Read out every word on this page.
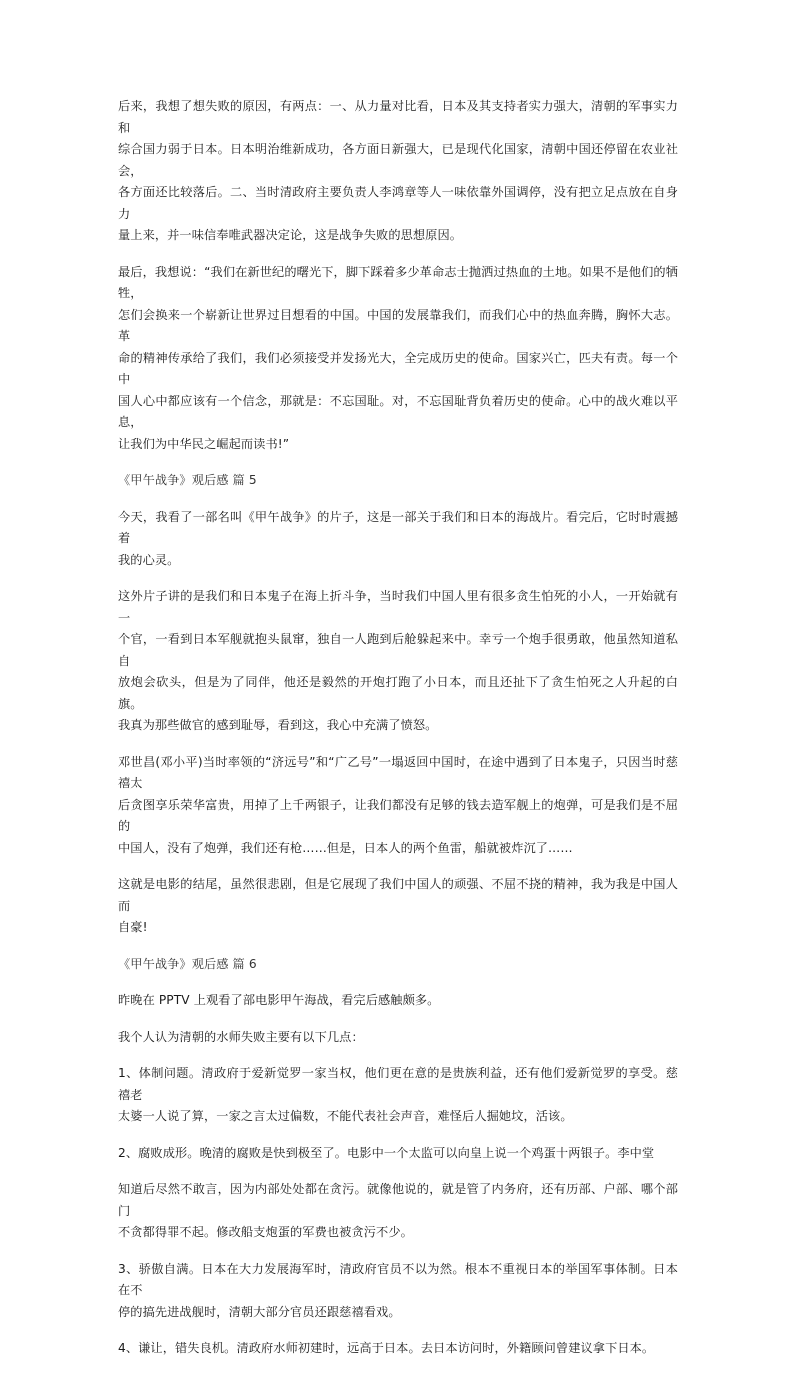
后来，我想了想失败的原因，有两点：一、从力量对比看，日本及其支持者实力强大，清朝的军事实力和
综合国力弱于日本。日本明治维新成功，各方面日新强大，已是现代化国家，清朝中国还停留在农业社会，
各方面还比较落后。二、当时清政府主要负责人李鸿章等人一味依靠外国调停，没有把立足点放在自身力
量上来，并一味信奉唯武器决定论，这是战争失败的思想原因。

最后，我想说：“我们在新世纪的曙光下，脚下踩着多少革命志士抛洒过热血的土地。如果不是他们的牺牲，
怎们会换来一个崭新让世界过目想看的中国。中国的发展靠我们，而我们心中的热血奔腾，胸怀大志。革
命的精神传承给了我们，我们必须接受并发扬光大，全完成历史的使命。国家兴亡，匹夫有责。每一个中
国人心中都应该有一个信念，那就是：不忘国耻。对，不忘国耻背负着历史的使命。心中的战火难以平息，
让我们为中华民之崛起而读书!”

《甲午战争》观后感 篇 5

今天，我看了一部名叫《甲午战争》的片子，这是一部关于我们和日本的海战片。看完后，它时时震撼着
我的心灵。

这外片子讲的是我们和日本鬼子在海上折斗争，当时我们中国人里有很多贪生怕死的小人，一开始就有一
个官，一看到日本军舰就抱头鼠窜，独自一人跑到后舱躲起来中。幸亏一个炮手很勇敢，他虽然知道私自
放炮会砍头，但是为了同伴，他还是毅然的开炮打跑了小日本，而且还扯下了贪生怕死之人升起的白旗。
我真为那些做官的感到耻辱，看到这，我心中充满了愤怒。

邓世昌(邓小平)当时率领的“济远号”和“广乙号”一塌返回中国时，在途中遇到了日本鬼子，只因当时慈禧太
后贪图享乐荣华富贵，用掉了上千两银子，让我们都没有足够的钱去造军舰上的炮弹，可是我们是不屈的
中国人，没有了炮弹，我们还有枪……但是，日本人的两个鱼雷，船就被炸沉了……

这就是电影的结尾，虽然很悲剧，但是它展现了我们中国人的顽强、不屈不挠的精神，我为我是中国人而
自豪!

《甲午战争》观后感 篇 6

昨晚在 PPTV 上观看了部电影甲午海战，看完后感触颇多。

我个人认为清朝的水师失败主要有以下几点：

1、体制问题。清政府于爱新觉罗一家当权，他们更在意的是贵族利益，还有他们爱新觉罗的享受。慈禧老
太婆一人说了算，一家之言太过偏数，不能代表社会声音，难怪后人掘她坟，活该。

2、腐败成形。晚清的腐败是快到极至了。电影中一个太监可以向皇上说一个鸡蛋十两银子。李中堂

知道后尽然不敢言，因为内部处处都在贪污。就像他说的，就是管了内务府，还有历部、户部、哪个部门
不贪都得罪不起。修改船支炮蛋的军费也被贪污不少。

3、骄傲自满。日本在大力发展海军时，清政府官员不以为然。根本不重视日本的举国军事体制。日本在不
停的搞先进战舰时，清朝大部分官员还跟慈禧看戏。

4、谦让，错失良机。清政府水师初建时，远高于日本。去日本访问时，外籍顾问曾建议拿下日本。
